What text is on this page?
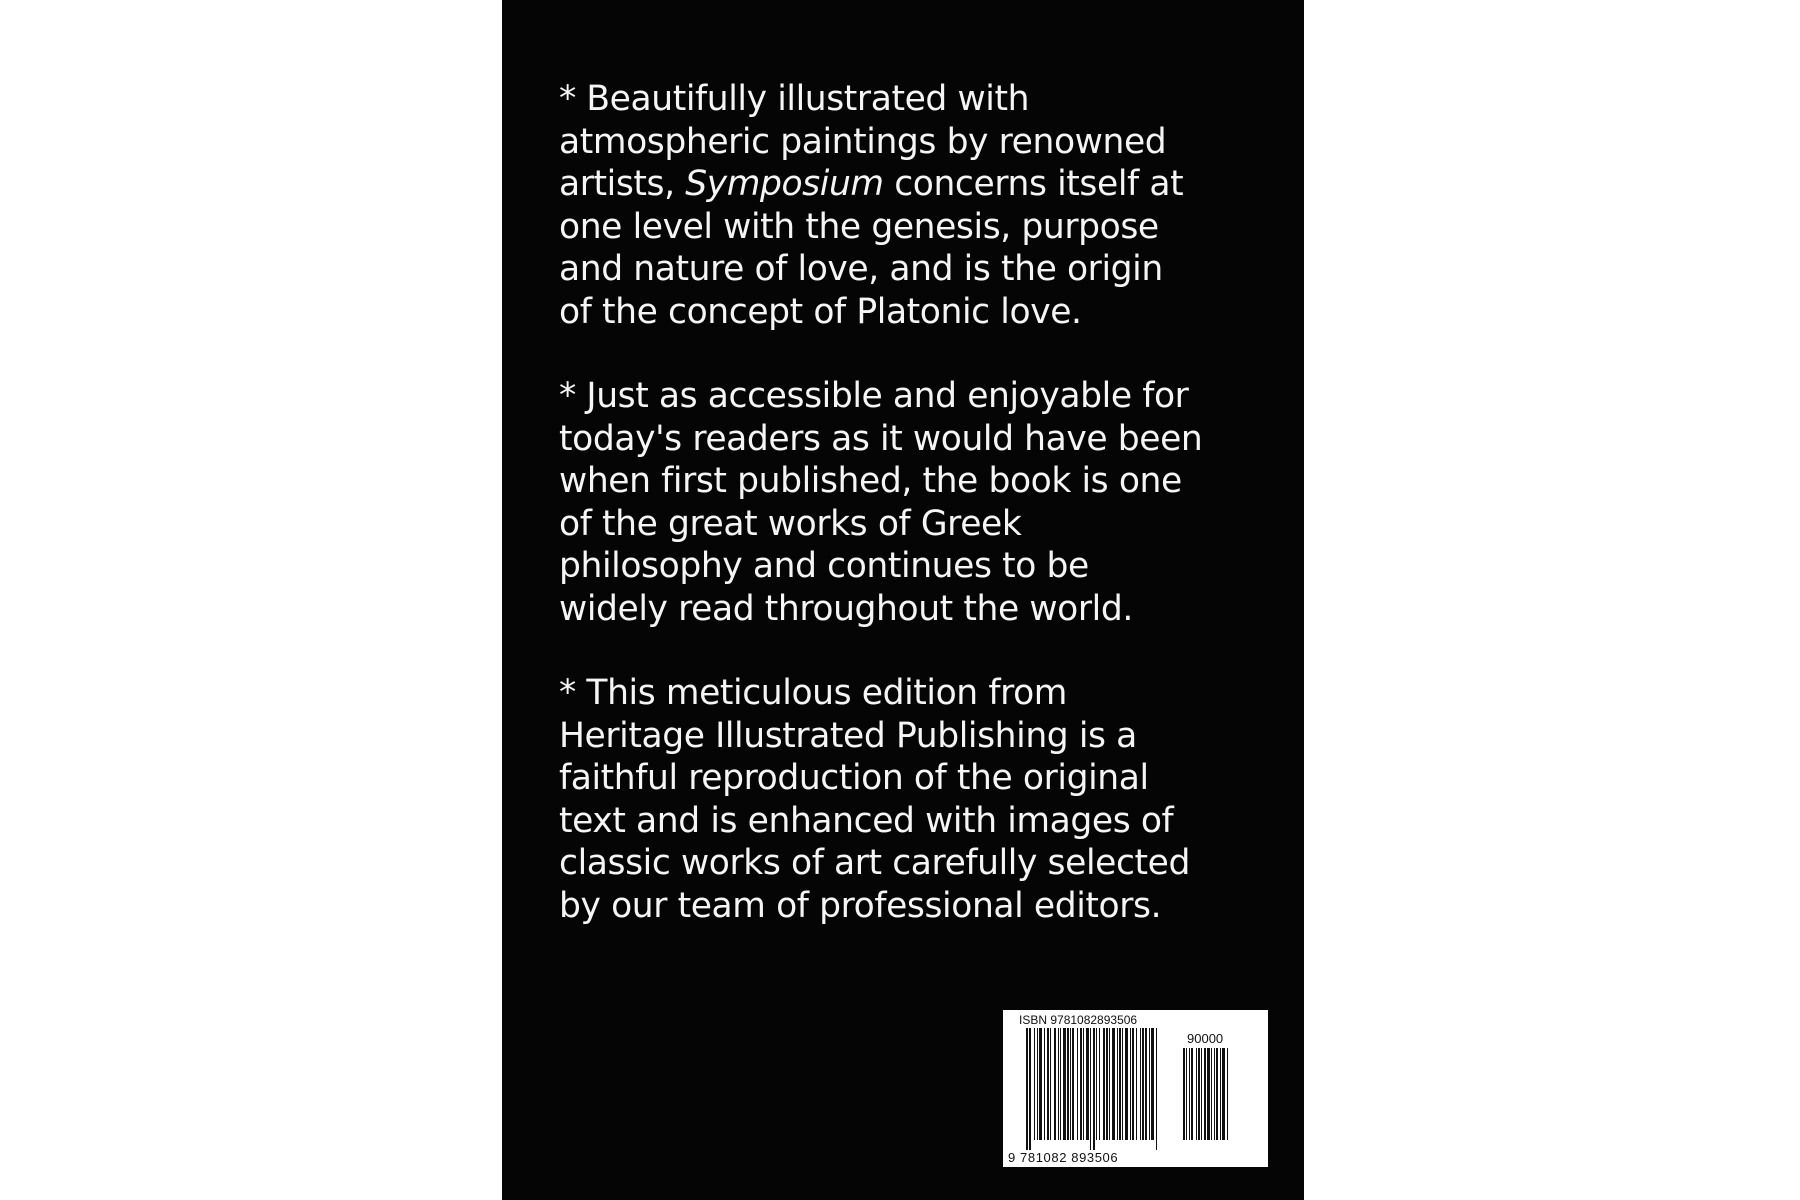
* Beautifully illustrated with
atmospheric paintings by renowned
artists, Symposium concerns itself at
one level with the genesis, purpose
and nature of love, and is the origin
of the concept of Platonic love.

* Just as accessible and enjoyable for
today's readers as it would have been
when first published, the book is one
of the great works of Greek
philosophy and continues to be
widely read throughout the world.

* This meticulous edition from
Heritage Illustrated Publishing is a
faithful reproduction of the original
text and is enhanced with images of
classic works of art carefully selected
by our team of professional editors.

ISBN 9781082893506
90000
9 781082 893506
